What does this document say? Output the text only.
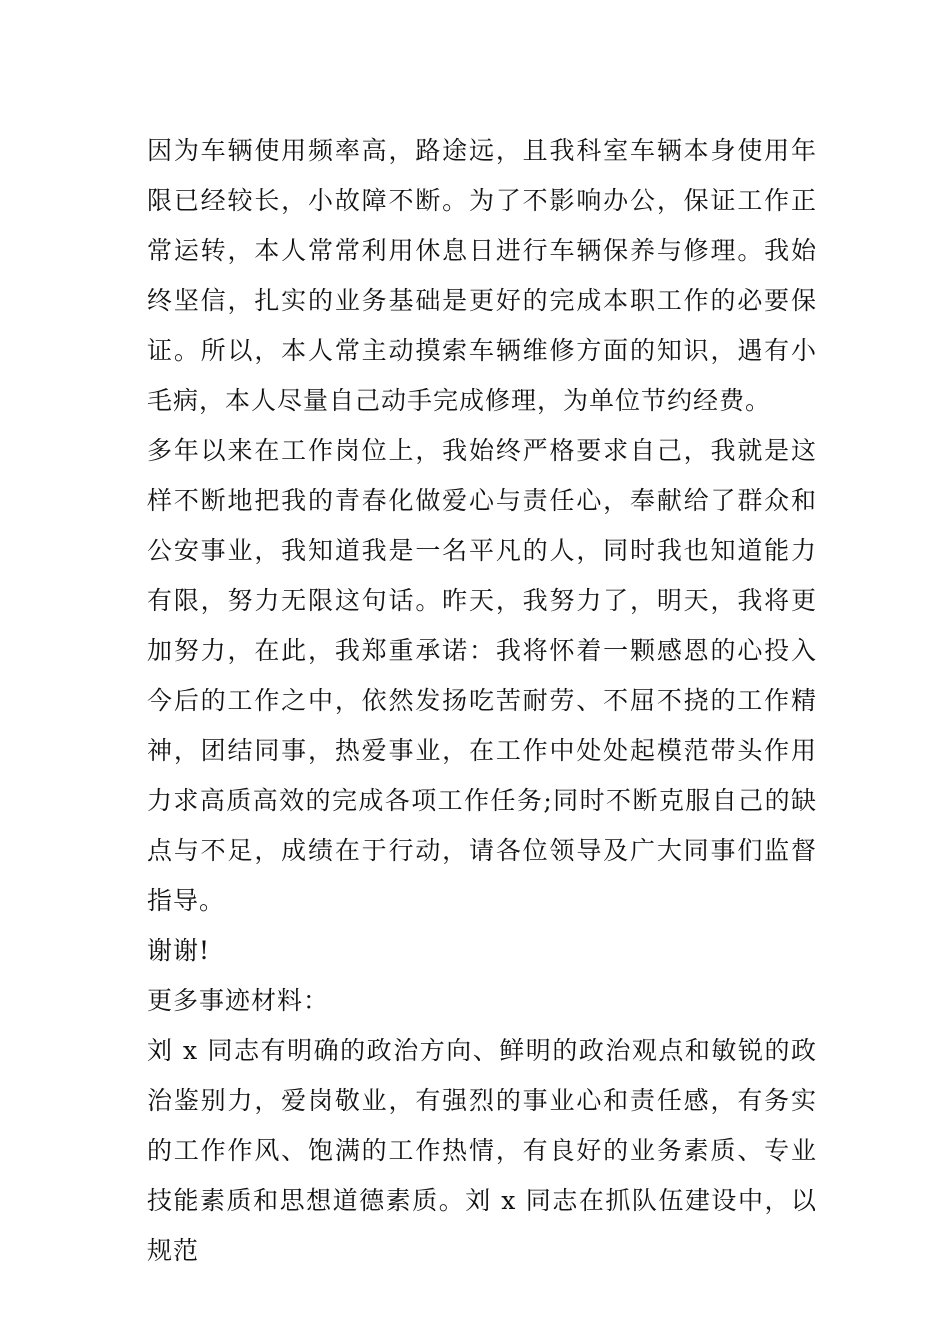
因为车辆使用频率高，路途远，且我科室车辆本身使用年限已经较长，小故障不断。为了不影响办公，保证工作正常运转，本人常常利用休息日进行车辆保养与修理。我始终坚信，扎实的业务基础是更好的完成本职工作的必要保证。所以，本人常主动摸索车辆维修方面的知识，遇有小毛病，本人尽量自己动手完成修理，为单位节约经费。

多年以来在工作岗位上，我始终严格要求自己，我就是这样不断地把我的青春化做爱心与责任心，奉献给了群众和公安事业，我知道我是一名平凡的人，同时我也知道能力有限，努力无限这句话。昨天，我努力了，明天，我将更加努力，在此，我郑重承诺：我将怀着一颗感恩的心投入今后的工作之中，依然发扬吃苦耐劳、不屈不挠的工作精神，团结同事，热爱事业，在工作中处处起模范带头作用力求高质高效的完成各项工作任务;同时不断克服自己的缺点与不足，成绩在于行动，请各位领导及广大同事们监督指导。

谢谢!

更多事迹材料：

刘 x 同志有明确的政治方向、鲜明的政治观点和敏锐的政治鉴别力，爱岗敬业，有强烈的事业心和责任感，有务实的工作作风、饱满的工作热情，有良好的业务素质、专业技能素质和思想道德素质。刘 x 同志在抓队伍建设中，以规范
